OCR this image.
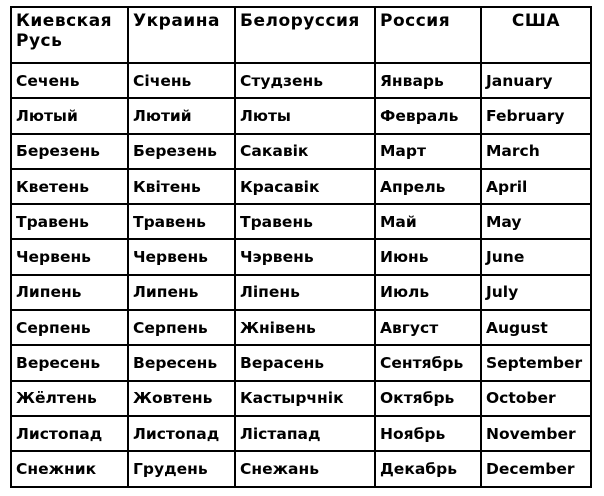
Киевская Русь	Украина	Белоруссия	Россия	США
Сечень	Січень	Студзень	Январь	January
Лютый	Лютий	Люты	Февраль	February
Березень	Березень	Сакавік	Март	March
Кветень	Квітень	Красавік	Апрель	April
Травень	Травень	Травень	Май	May
Червень	Червень	Чэрвень	Июнь	June
Липень	Липень	Ліпень	Июль	July
Серпень	Серпень	Жнівень	Август	August
Вересень	Вересень	Верасень	Сентябрь	September
Жёлтень	Жовтень	Кастырчнік	Октябрь	October
Листопад	Листопад	Лістапад	Ноябрь	November
Снежник	Грудень	Снежань	Декабрь	December
